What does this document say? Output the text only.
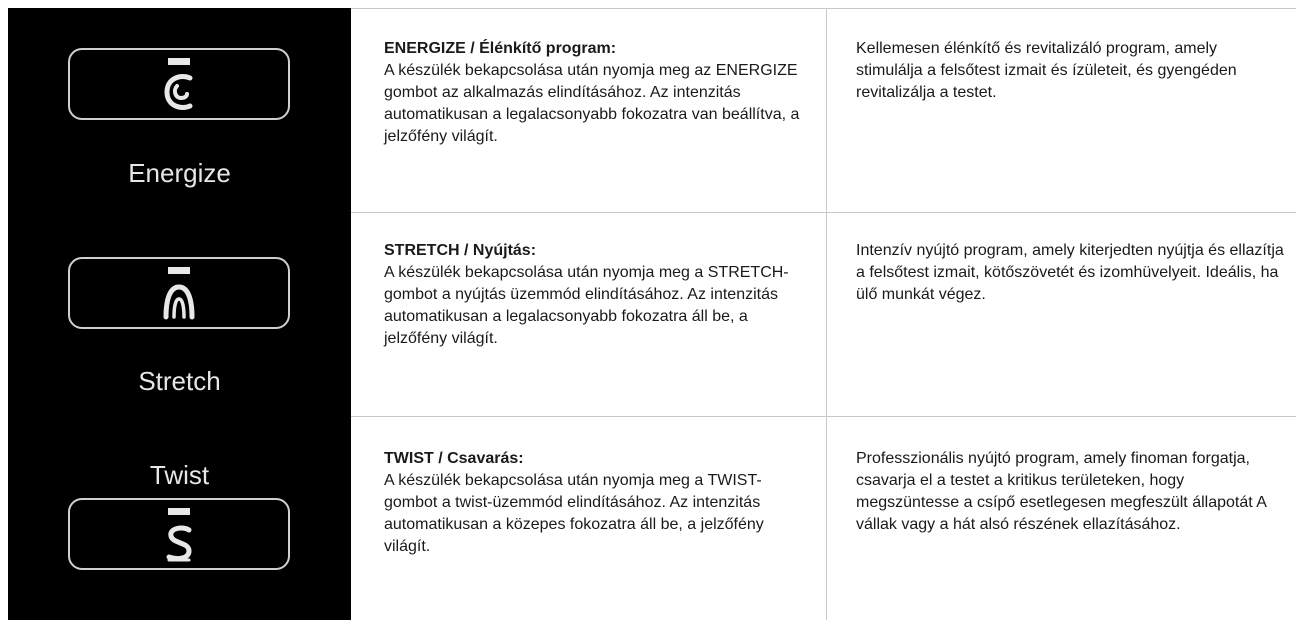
Energize
ENERGIZE / Élénkítő program:
A készülék bekapcsolása után nyomja meg az ENERGIZE gombot az alkalmazás elindításához. Az intenzitás automatikusan a legalacsonyabb fokozatra van beállítva, a jelzőfény világít.
Kellemesen élénkítő és revitalizáló program, amely stimulálja a felsőtest izmait és ízületeit, és gyengéden revitalizálja a testet.
Stretch
STRETCH / Nyújtás:
A készülék bekapcsolása után nyomja meg a STRETCH-gombot a nyújtás üzemmód elindításához. Az intenzitás automatikusan a legalacsonyabb fokozatra áll be, a jelzőfény világít.
Intenzív nyújtó program, amely kiterjedten nyújtja és ellazítja a felsőtest izmait, kötőszövetét és izomhüvelyeit. Ideális, ha ülő munkát végez.
Twist
TWIST / Csavarás:
A készülék bekapcsolása után nyomja meg a TWIST-gombot a twist-üzemmód elindításához. Az intenzitás automatikusan a közepes fokozatra áll be, a jelzőfény világít.
Professzionális nyújtó program, amely finoman forgatja, csavarja el a testet a kritikus területeken, hogy megszüntesse a csípő esetlegesen megfeszült állapotát A vállak vagy a hát alsó részének ellazításához.
